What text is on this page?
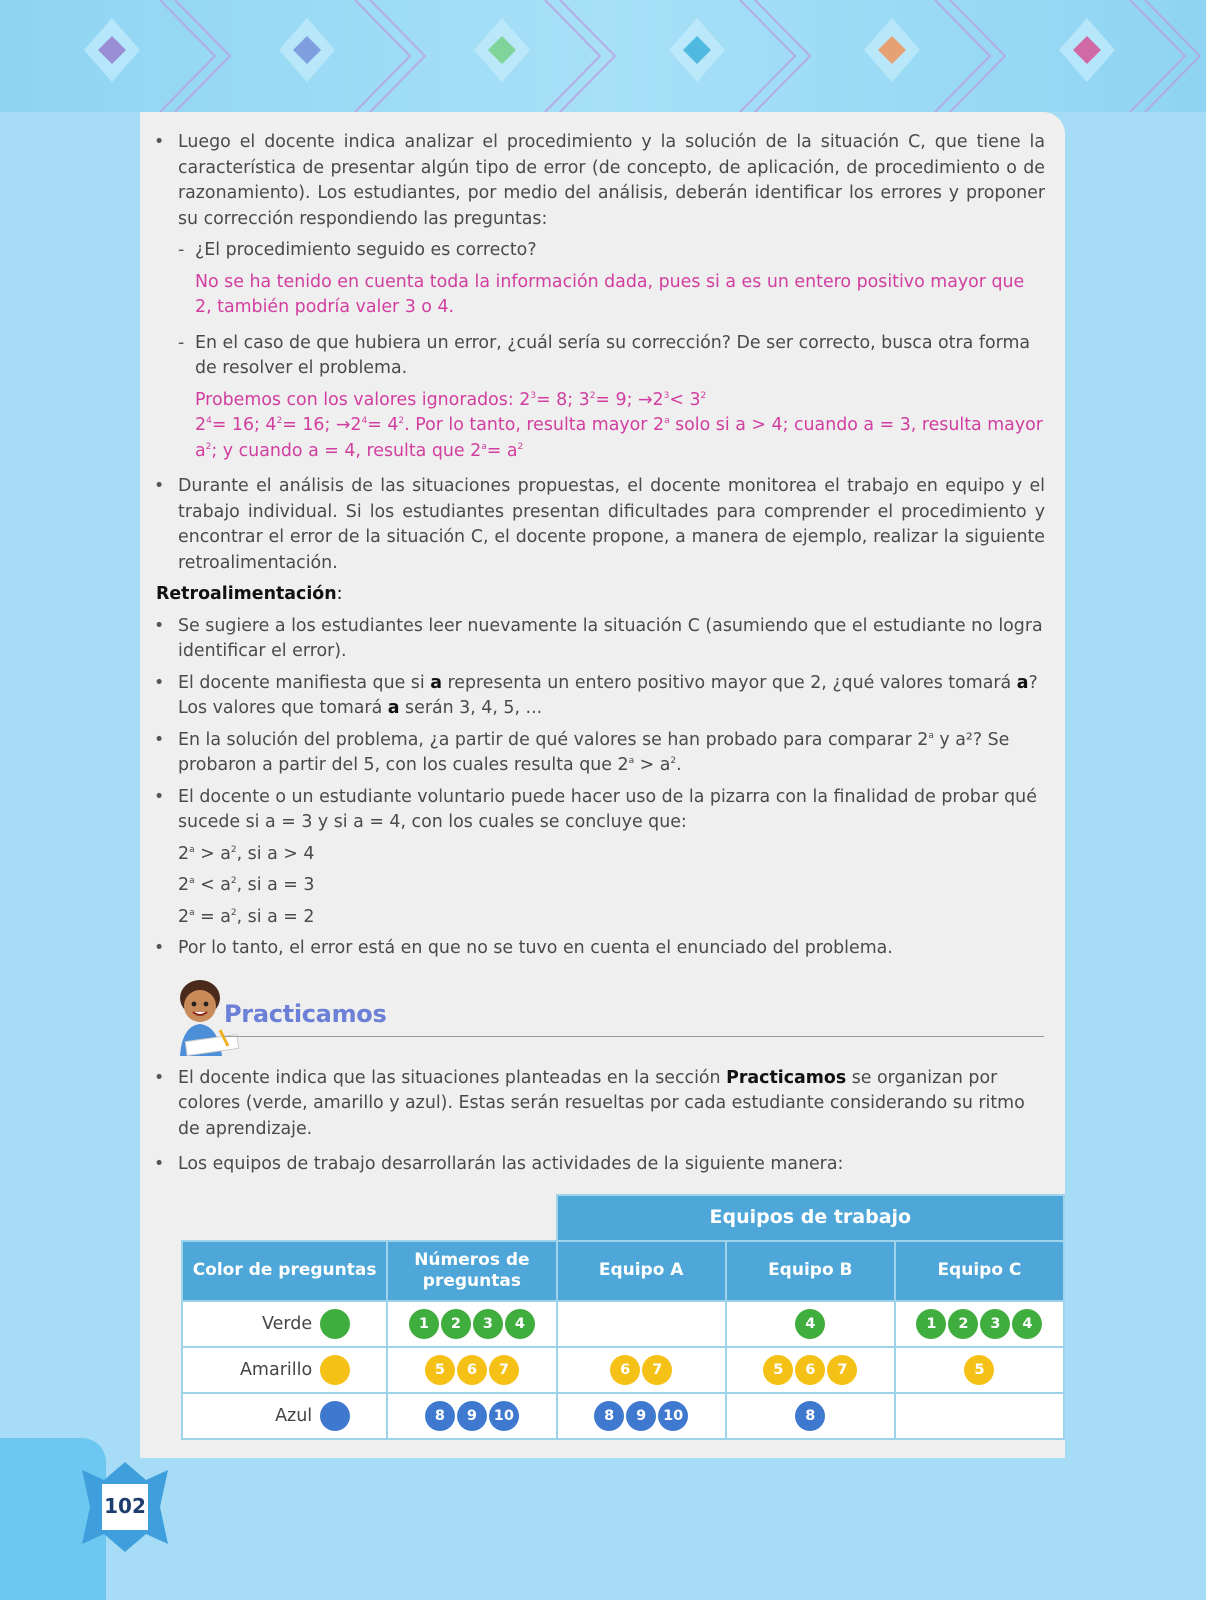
• Luego el docente indica analizar el procedimiento y la solución de la situación C, que tiene la característica de presentar algún tipo de error (de concepto, de aplicación, de procedimiento o de razonamiento). Los estudiantes, por medio del análisis, deberán identificar los errores y proponer su corrección respondiendo las preguntas:
- ¿El procedimiento seguido es correcto?
No se ha tenido en cuenta toda la información dada, pues si a es un entero positivo mayor que 2, también podría valer 3 o 4.
- En el caso de que hubiera un error, ¿cuál sería su corrección? De ser correcto, busca otra forma de resolver el problema.
Probemos con los valores ignorados: $2^3= 8$; $3^2= 9$; $\to 2^3< 3^2$
$2^4= 16$; $4^2= 16$; $\to 2^4= 4^2$. Por lo tanto, resulta mayor 2$^a$ solo si a > 4; cuando a = 3, resulta mayor $a^2$; y cuando a = 4, resulta que $2^a= a^2$
• Durante el análisis de las situaciones propuestas, el docente monitorea el trabajo en equipo y el trabajo individual. Si los estudiantes presentan dificultades para comprender el procedimiento y encontrar el error de la situación C, el docente propone, a manera de ejemplo, realizar la siguiente retroalimentación.
Retroalimentación:
• Se sugiere a los estudiantes leer nuevamente la situación C (asumiendo que el estudiante no logra identificar el error).
• El docente manifiesta que si a representa un entero positivo mayor que 2, ¿qué valores tomará a? Los valores que tomará a serán 3, 4, 5, ...
• En la solución del problema, ¿a partir de qué valores se han probado para comparar 2$^a$ y a²? Se probaron a partir del 5, con los cuales resulta que $2^a > a^2$.
• El docente o un estudiante voluntario puede hacer uso de la pizarra con la finalidad de probar qué sucede si a = 3 y si a = 4, con los cuales se concluye que:
$2^a > a^2$, si a > 4
$2^a < a^2$, si a = 3
$2^a = a^2$, si a = 2
• Por lo tanto, el error está en que no se tuvo en cuenta el enunciado del problema.
Practicamos
• El docente indica que las situaciones planteadas en la sección Practicamos se organizan por colores (verde, amarillo y azul). Estas serán resueltas por cada estudiante considerando su ritmo de aprendizaje.
• Los equipos de trabajo desarrollarán las actividades de la siguiente manera:
		Equipos de trabajo		
Color de preguntas	Números de preguntas	Equipo A	Equipo B	Equipo C
Verde	1 2 3 4		4	1 2 3 4
Amarillo	5 6 7	6 7	5 6 7	5
Azul	8 9 10	8 9 10	8	
102
